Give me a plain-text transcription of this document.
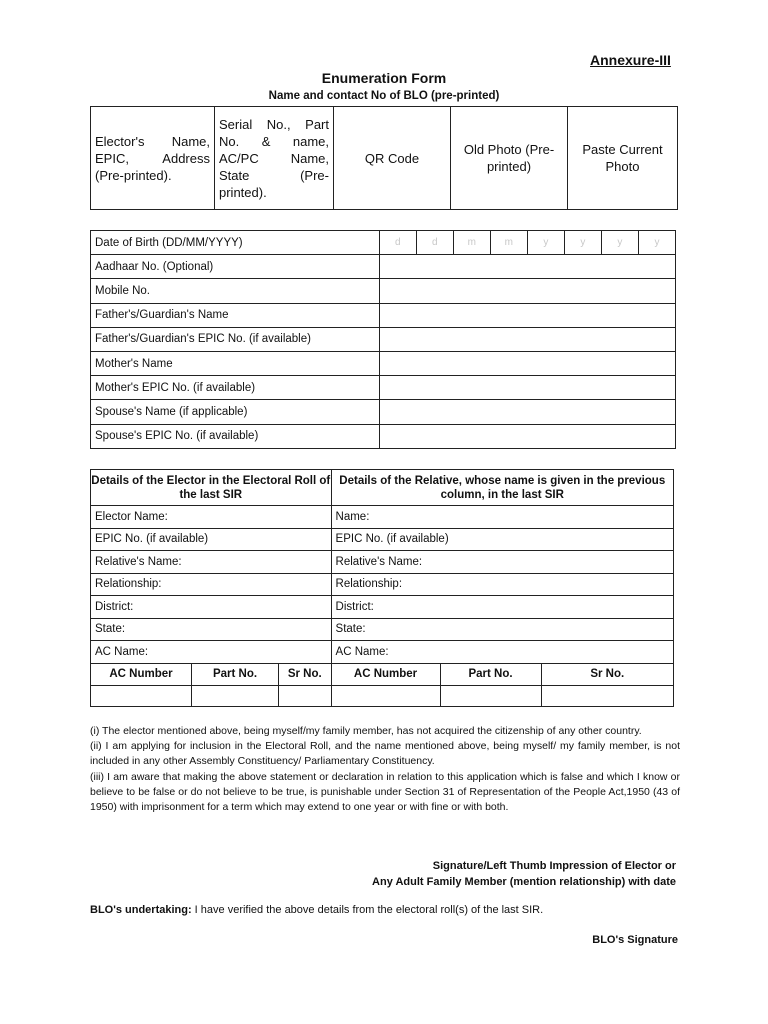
Annexure-III
Enumeration Form
Name and contact No of BLO (pre-printed)
Elector's Name, EPIC, Address (Pre-printed).	Serial No., Part No. & name, AC/PC Name, State (Pre-printed).	QR Code	Old Photo (Pre-printed)	Paste Current Photo
Date of Birth (DD/MM/YYYY)	d	d	m	m	y	y	y	y
Aadhaar No. (Optional)								
Mobile No.								
Father's/Guardian's Name								
Father's/Guardian's EPIC No. (if available)								
Mother's Name								
Mother's EPIC No. (if available)								
Spouse's Name (if applicable)								
Spouse's EPIC No. (if available)								
Details of the Elector in the Electoral Roll of the last SIR			Details of the Relative, whose name is given in the previous column, in the last SIR		
Elector Name:			Name:		
EPIC No. (if available)			EPIC No. (if available)		
Relative's Name:			Relative's Name:		
Relationship:			Relationship:		
District:			District:		
State:			State:		
AC Name:			AC Name:		
AC Number	Part No.	Sr No.	AC Number	Part No.	Sr No.

(i) The elector mentioned above, being myself/my family member, has not acquired the citizenship of any other country.

(ii) I am applying for inclusion in the Electoral Roll, and the name mentioned above, being myself/ my family member, is not included in any other Assembly Constituency/ Parliamentary Constituency.

(iii) I am aware that making the above statement or declaration in relation to this application which is false and which I know or believe to be false or do not believe to be true, is punishable under Section 31 of Representation of the People Act,1950 (43 of 1950) with imprisonment for a term which may extend to one year or with fine or with both.

Signature/Left Thumb Impression of Elector or
Any Adult Family Member (mention relationship) with date
BLO's undertaking: I have verified the above details from the electoral roll(s) of the last SIR.
BLO's Signature
